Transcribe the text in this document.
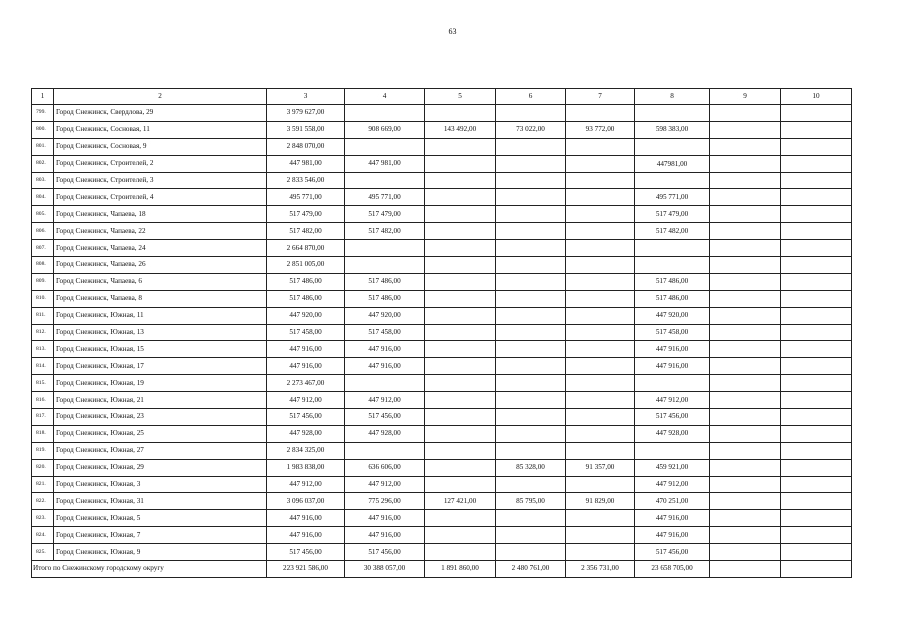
63
1	2	3	4	5	6	7	8	9	10
799.	Город Снежинск, Свердлова, 29	3 979 627,00							
800.	Город Снежинск, Сосновая, 11	3 591 558,00	908 669,00	143 492,00	73 022,00	93 772,00	598 383,00		
801.	Город Снежинск, Сосновая, 9	2 848 070,00							
802.	Город Снежинск, Строителей, 2	447 981,00	447 981,00				447981,00		
803.	Город Снежинск, Строителей, 3	2 833 546,00							
804.	Город Снежинск, Строителей, 4	495 771,00	495 771,00				495 771,00		
805.	Город Снежинск, Чапаева, 18	517 479,00	517 479,00				517 479,00		
806.	Город Снежинск, Чапаева, 22	517 482,00	517 482,00				517 482,00		
807.	Город Снежинск, Чапаева, 24	2 664 870,00							
808.	Город Снежинск, Чапаева, 26	2 851 005,00							
809.	Город Снежинск, Чапаева, 6	517 486,00	517 486,00				517 486,00		
810.	Город Снежинск, Чапаева, 8	517 486,00	517 486,00				517 486,00		
811.	Город Снежинск, Южная, 11	447 920,00	447 920,00				447 920,00		
812.	Город Снежинск, Южная, 13	517 458,00	517 458,00				517 458,00		
813.	Город Снежинск, Южная, 15	447 916,00	447 916,00				447 916,00		
814.	Город Снежинск, Южная, 17	447 916,00	447 916,00				447 916,00		
815.	Город Снежинск, Южная, 19	2 273 467,00							
816.	Город Снежинск, Южная, 21	447 912,00	447 912,00				447 912,00		
817.	Город Снежинск, Южная, 23	517 456,00	517 456,00				517 456,00		
818.	Город Снежинск, Южная, 25	447 928,00	447 928,00				447 928,00		
819.	Город Снежинск, Южная, 27	2 834 325,00							
820.	Город Снежинск, Южная, 29	1 983 838,00	636 606,00		85 328,00	91 357,00	459 921,00		
821.	Город Снежинск, Южная, 3	447 912,00	447 912,00				447 912,00		
822.	Город Снежинск, Южная, 31	3 096 037,00	775 296,00	127 421,00	85 795,00	91 829,00	470 251,00		
823.	Город Снежинск, Южная, 5	447 916,00	447 916,00				447 916,00		
824.	Город Снежинск, Южная, 7	447 916,00	447 916,00				447 916,00		
825.	Город Снежинск, Южная, 9	517 456,00	517 456,00				517 456,00		
Итого по Снежинскому городскому округу		223 921 586,00	30 388 057,00	1 891 860,00	2 480 761,00	2 356 731,00	23 658 705,00		
